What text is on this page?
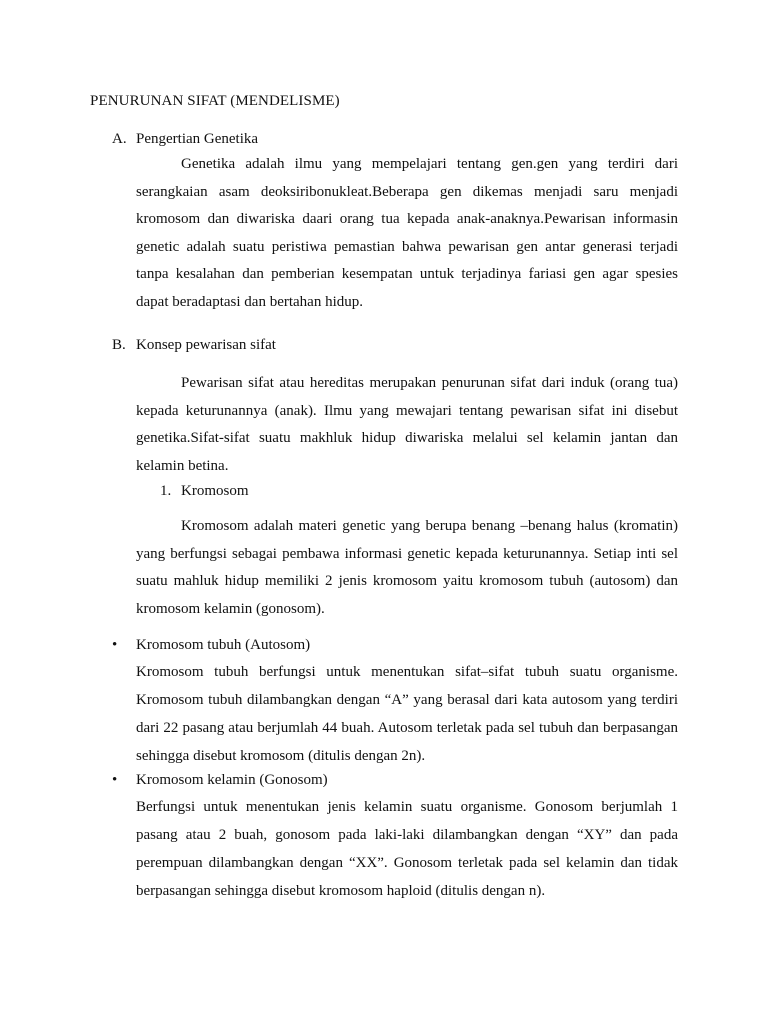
PENURUNAN SIFAT (MENDELISME)
A. Pengertian Genetika

Genetika adalah ilmu yang mempelajari tentang gen.gen yang terdiri dari serangkaian asam deoksiribonukleat.Beberapa gen dikemas menjadi saru menjadi kromosom dan diwariska daari orang tua kepada anak-anaknya.Pewarisan informasin genetic adalah suatu peristiwa pemastian bahwa pewarisan gen antar generasi terjadi tanpa kesalahan dan pemberian kesempatan untuk terjadinya fariasi gen agar spesies dapat beradaptasi dan bertahan hidup.

B. Konsep pewarisan sifat

Pewarisan sifat atau hereditas merupakan penurunan sifat dari induk (orang tua) kepada keturunannya (anak). Ilmu yang mewajari tentang pewarisan sifat ini disebut genetika.Sifat-sifat suatu makhluk hidup diwariska melalui sel kelamin jantan dan kelamin betina.

1. Kromosom

Kromosom adalah materi genetic yang berupa benang –benang halus (kromatin) yang berfungsi sebagai pembawa informasi genetic kepada keturunannya. Setiap inti sel suatu mahluk hidup memiliki 2 jenis kromosom yaitu kromosom tubuh (autosom) dan kromosom kelamin (gonosom).

• Kromosom tubuh (Autosom)

Kromosom tubuh berfungsi untuk menentukan sifat–sifat tubuh suatu organisme. Kromosom tubuh dilambangkan dengan “A” yang berasal dari kata autosom yang terdiri dari 22 pasang atau berjumlah 44 buah. Autosom terletak pada sel tubuh dan berpasangan sehingga disebut kromosom (ditulis dengan 2n).

• Kromosom kelamin (Gonosom)

Berfungsi untuk menentukan jenis kelamin suatu organisme. Gonosom berjumlah 1 pasang atau 2 buah, gonosom pada laki-laki dilambangkan dengan “XY” dan pada perempuan dilambangkan dengan “XX”. Gonosom terletak pada sel kelamin dan tidak berpasangan sehingga disebut kromosom haploid (ditulis dengan n).
